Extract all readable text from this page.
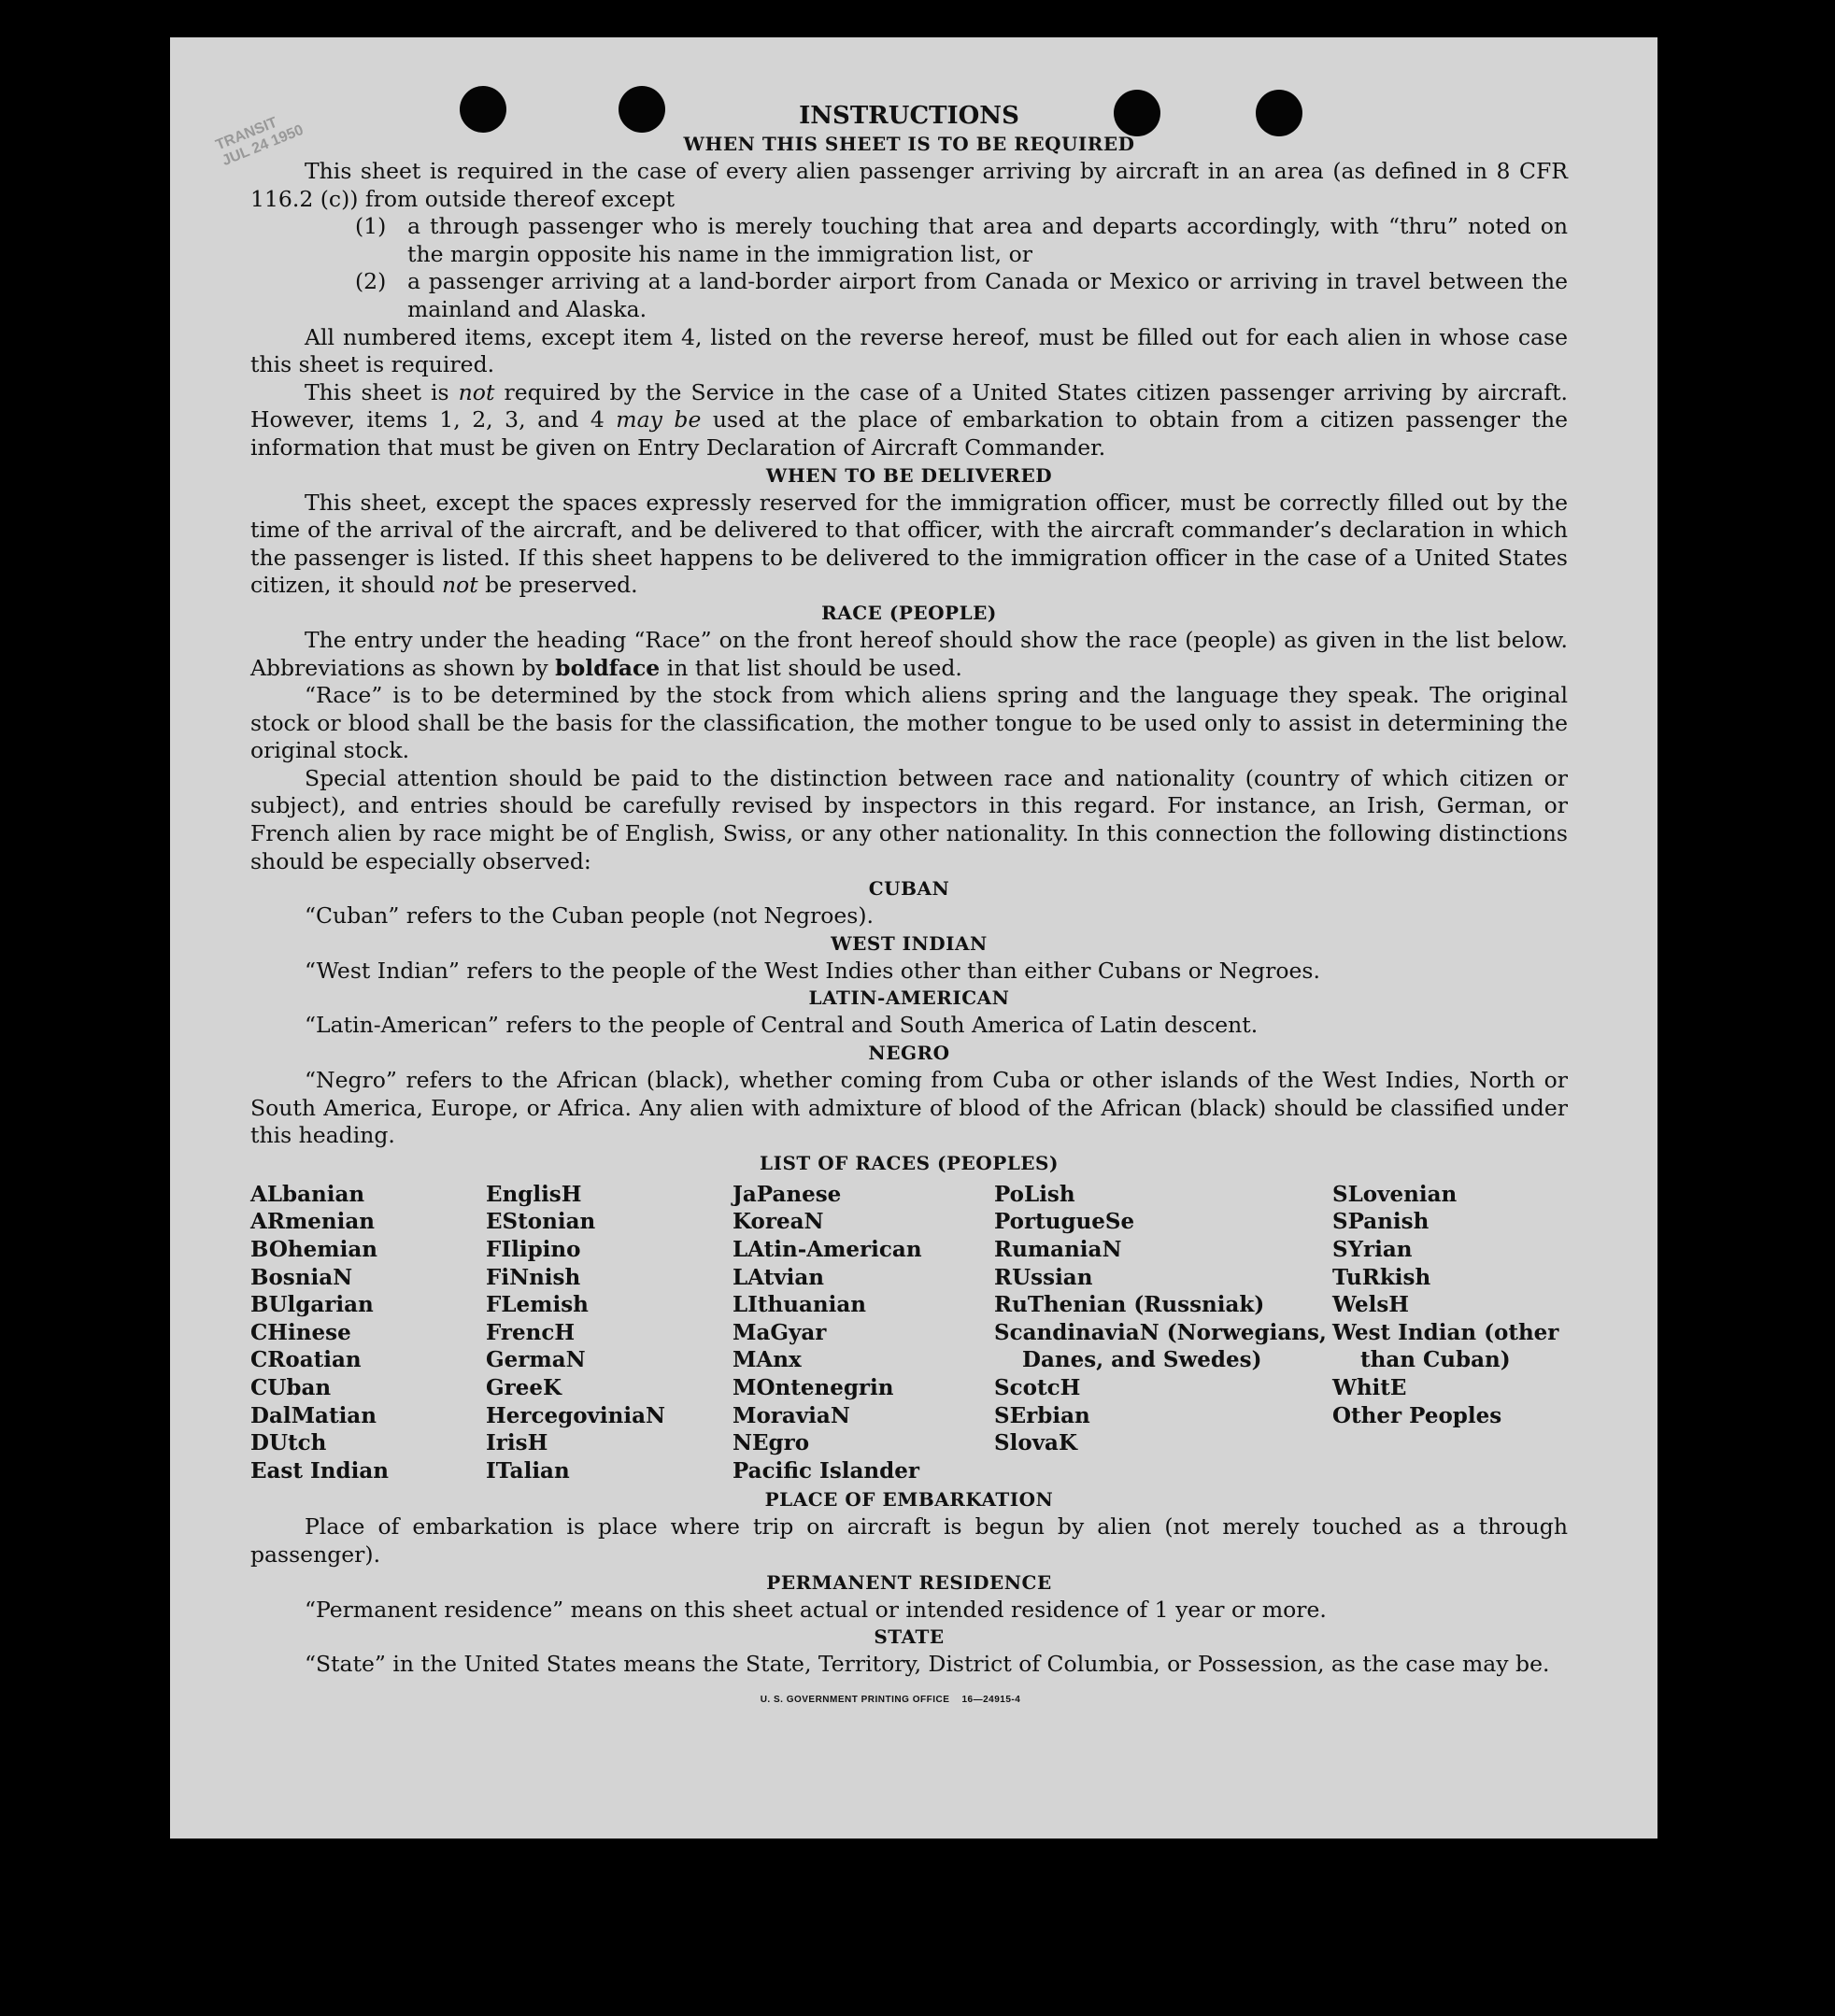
TRANSIT
JUL 24 1950
INSTRUCTIONS
WHEN THIS SHEET IS TO BE REQUIRED

This sheet is required in the case of every alien passenger arriving by aircraft in an area (as defined in 8 CFR 116.2 (c)) from outside thereof except

(1) a through passenger who is merely touching that area and departs accordingly, with “thru” noted on the margin opposite his name in the immigration list, or
(2) a passenger arriving at a land-border airport from Canada or Mexico or arriving in travel between the mainland and Alaska.

All numbered items, except item 4, listed on the reverse hereof, must be filled out for each alien in whose case this sheet is required.

This sheet is not required by the Service in the case of a United States citizen passenger arriving by aircraft. However, items 1, 2, 3, and 4 may be used at the place of embarkation to obtain from a citizen passenger the information that must be given on Entry Declaration of Aircraft Commander.

WHEN TO BE DELIVERED

This sheet, except the spaces expressly reserved for the immigration officer, must be correctly filled out by the time of the arrival of the aircraft, and be delivered to that officer, with the aircraft commander’s declaration in which the passenger is listed. If this sheet happens to be delivered to the immigration officer in the case of a United States citizen, it should not be preserved.

RACE (PEOPLE)

The entry under the heading “Race” on the front hereof should show the race (people) as given in the list below. Abbreviations as shown by boldface in that list should be used.

“Race” is to be determined by the stock from which aliens spring and the language they speak. The original stock or blood shall be the basis for the classification, the mother tongue to be used only to assist in determining the original stock.

Special attention should be paid to the distinction between race and nationality (country of which citizen or subject), and entries should be carefully revised by inspectors in this regard. For instance, an Irish, German, or French alien by race might be of English, Swiss, or any other nationality. In this connection the following distinctions should be especially observed:

CUBAN

“Cuban” refers to the Cuban people (not Negroes).

WEST INDIAN

“West Indian” refers to the people of the West Indies other than either Cubans or Negroes.

LATIN-AMERICAN

“Latin-American” refers to the people of Central and South America of Latin descent.

NEGRO

“Negro” refers to the African (black), whether coming from Cuba or other islands of the West Indies, North or South America, Europe, or Africa. Any alien with admixture of blood of the African (black) should be classified under this heading.

LIST OF RACES (PEOPLES)
ALbanian
ARmenian
BOhemian
BosniaN
BUlgarian
CHinese
CRoatian
CUban
DalMatian
DUtch
East Indian
EnglisH
EStonian
FIlipino
FiNnish
FLemish
FrencH
GermaN
GreeK
HercegoviniaN
IrisH
ITalian
JaPanese
KoreaN
LAtin-American
LAtvian
LIthuanian
MaGyar
MAnx
MOntenegrin
MoraviaN
NEgro
Pacific Islander
PoLish
PortugueSe
RumaniaN
RUssian
RuThenian (Russniak)
ScandinaviaN (Norwegians, Danes, and Swedes)
ScotcH
SErbian
SlovaK
SLovenian
SPanish
SYrian
TuRkish
WelsH
West Indian (other than Cuban)
WhitE
Other Peoples
PLACE OF EMBARKATION

Place of embarkation is place where trip on aircraft is begun by alien (not merely touched as a through passenger).

PERMANENT RESIDENCE

“Permanent residence” means on this sheet actual or intended residence of 1 year or more.

STATE

“State” in the United States means the State, Territory, District of Columbia, or Possession, as the case may be.

U. S. GOVERNMENT PRINTING OFFICE    16—24915-4
